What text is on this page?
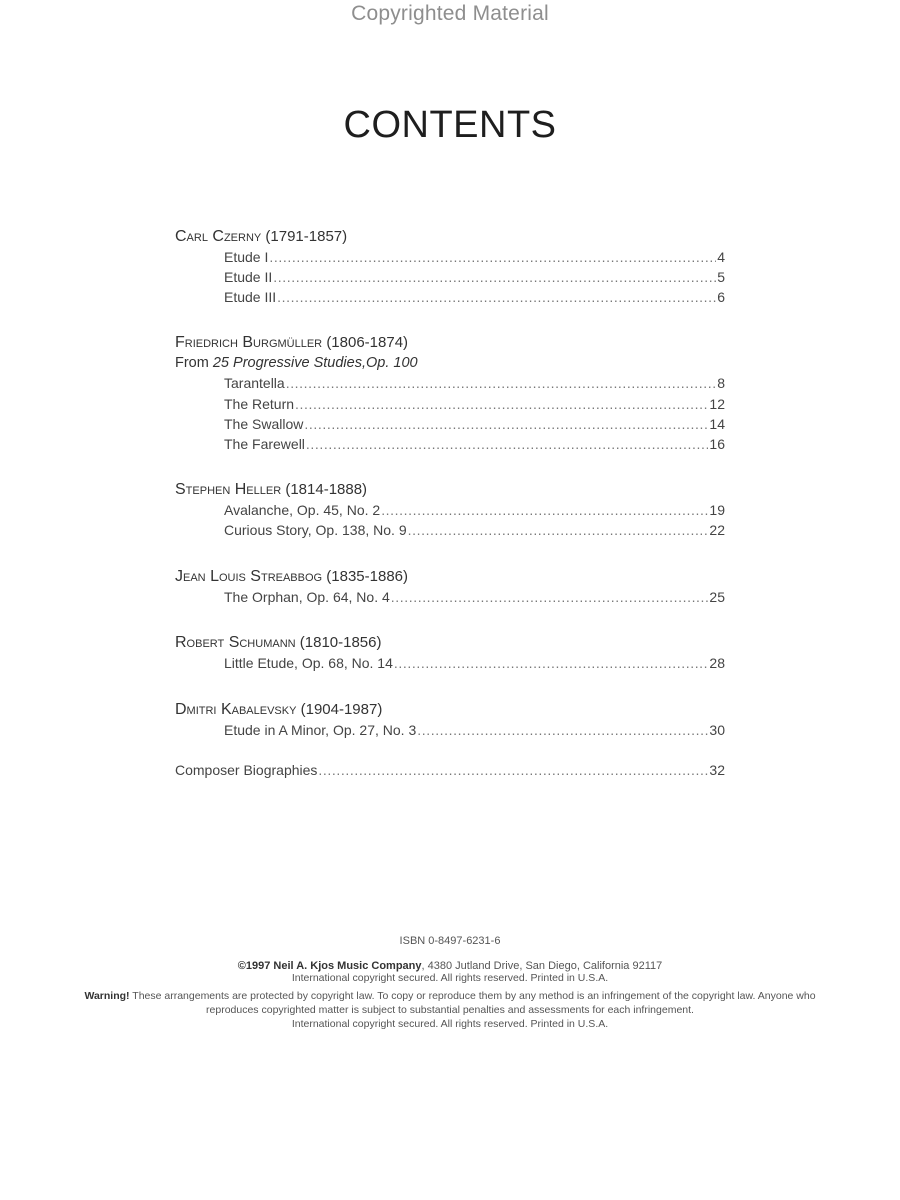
Copyrighted Material
CONTENTS
Carl Czerny (1791-1857)
Etude I .....	4
Etude II .....	5
Etude III .....	6
Friedrich Burgmüller (1806-1874)
From 25 Progressive Studies,Op. 100
Tarantella .....	8
The Return .....	12
The Swallow .....	14
The Farewell .....	16
Stephen Heller (1814-1888)
Avalanche, Op. 45, No. 2 .....	19
Curious Story, Op. 138, No. 9 .....	22
Jean Louis Streabbog (1835-1886)
The Orphan, Op. 64, No. 4 .....	25
Robert Schumann (1810-1856)
Little Etude, Op. 68, No. 14 .....	28
Dmitri Kabalevsky (1904-1987)
Etude in A Minor, Op. 27, No. 3 .....	30
Composer Biographies .....	32
ISBN 0-8497-6231-6
©1997 Neil A. Kjos Music Company, 4380 Jutland Drive, San Diego, California 92117
International copyright secured. All rights reserved. Printed in U.S.A.
Warning! These arrangements are protected by copyright law. To copy or reproduce them by any method is an infringement of the copyright law. Anyone who reproduces copyrighted matter is subject to substantial penalties and assessments for each infringement.
International copyright secured. All rights reserved. Printed in U.S.A.
